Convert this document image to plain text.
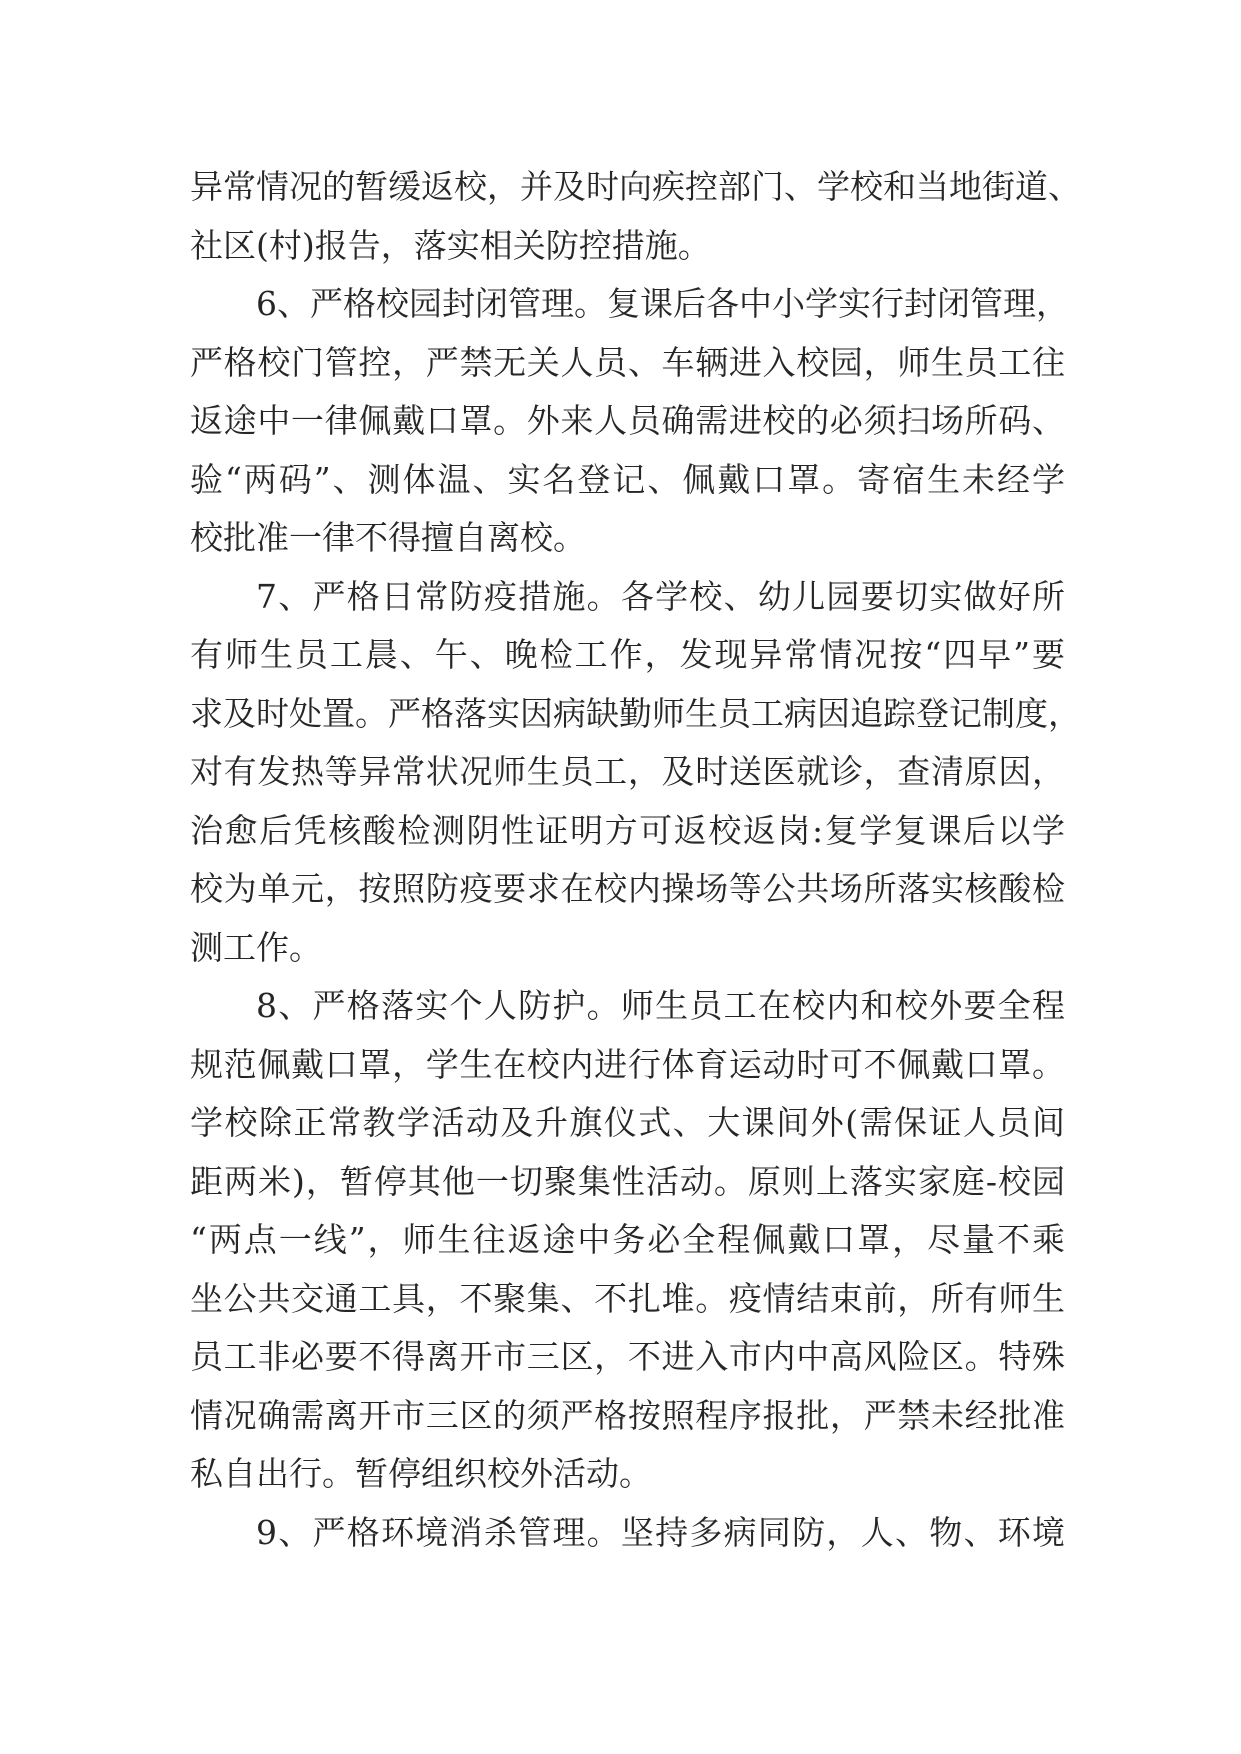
异常情况的暂缓返校，并及时向疾控部门、学校和当地街道、
社区(村)报告，落实相关防控措施。
6、严格校园封闭管理。复课后各中小学实行封闭管理，
严格校门管控，严禁无关人员、车辆进入校园，师生员工往
返途中一律佩戴口罩。外来人员确需进校的必须扫场所码、
验“两码”、测体温、实名登记、佩戴口罩。寄宿生未经学
校批准一律不得擅自离校。
7、严格日常防疫措施。各学校、幼儿园要切实做好所
有师生员工晨、午、晚检工作，发现异常情况按“四早”要
求及时处置。严格落实因病缺勤师生员工病因追踪登记制度，
对有发热等异常状况师生员工，及时送医就诊，查清原因，
治愈后凭核酸检测阴性证明方可返校返岗:复学复课后以学
校为单元，按照防疫要求在校内操场等公共场所落实核酸检
测工作。
8、严格落实个人防护。师生员工在校内和校外要全程
规范佩戴口罩，学生在校内进行体育运动时可不佩戴口罩。
学校除正常教学活动及升旗仪式、大课间外(需保证人员间
距两米)，暂停其他一切聚集性活动。原则上落实家庭-校园
“两点一线”，师生往返途中务必全程佩戴口罩，尽量不乘
坐公共交通工具，不聚集、不扎堆。疫情结束前，所有师生
员工非必要不得离开市三区，不进入市内中高风险区。特殊
情况确需离开市三区的须严格按照程序报批，严禁未经批准
私自出行。暂停组织校外活动。
9、严格环境消杀管理。坚持多病同防，人、物、环境
